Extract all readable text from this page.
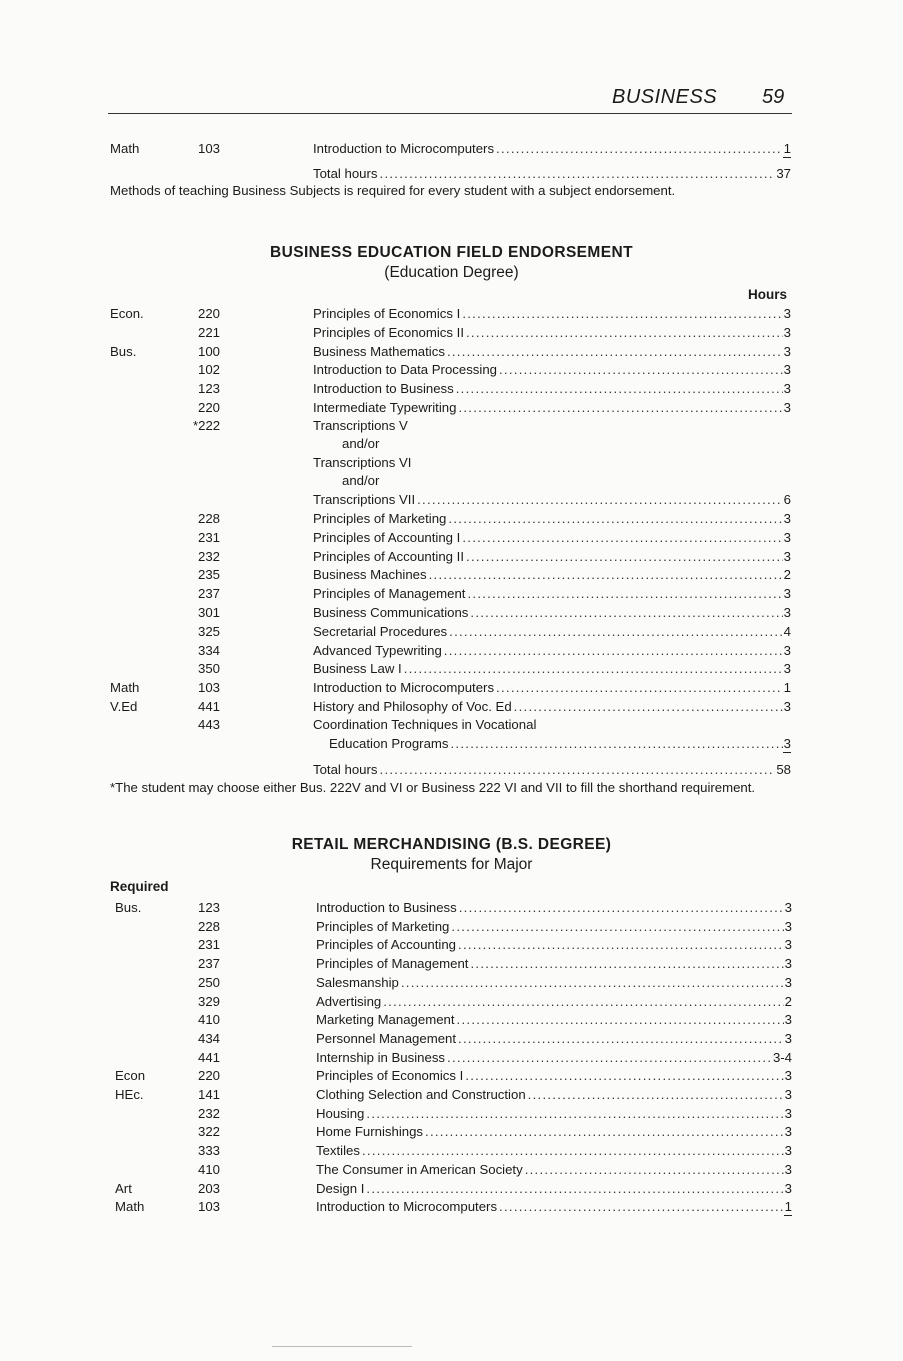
BUSINESS 59
Math	103	Introduction to Microcomputers . . .	1
Total hours . . .	37
Methods of teaching Business Subjects is required for every student with a subject endorsement.
BUSINESS EDUCATION FIELD ENDORSEMENT
(Education Degree)
Hours
Econ.	220	Principles of Economics I . . .	3
221	Principles of Economics II . . .	3
Bus.	100	Business Mathematics . . .	3
102	Introduction to Data Processing . . .	3
123	Introduction to Business . . .	3
220	Intermediate Typewriting . . .	3
*222	Transcriptions V
and/or
Transcriptions VI
and/or
Transcriptions VII . . .	6
228	Principles of Marketing . . .	3
231	Principles of Accounting I . . .	3
232	Principles of Accounting II . . .	3
235	Business Machines . . .	2
237	Principles of Management . . .	3
301	Business Communications . . .	3
325	Secretarial Procedures . . .	4
334	Advanced Typewriting . . .	3
350	Business Law I . . .	3
Math	103	Introduction to Microcomputers . . .	1
V.Ed	441	History and Philosophy of Voc. Ed . . .	3
443	Coordination Techniques in Vocational
Education Programs . . .	3
Total hours . . .	58
*The student may choose either Bus. 222V and VI or Business 222 VI and VII to fill the shorthand requirement.
RETAIL MERCHANDISING (B.S. DEGREE)
Requirements for Major
Required
Bus.	123	Introduction to Business . . .	3
228	Principles of Marketing . . .	3
231	Principles of Accounting . . .	3
237	Principles of Management . . .	3
250	Salesmanship . . .	3
329	Advertising . . .	2
410	Marketing Management . . .	3
434	Personnel Management . . .	3
441	Internship in Business . . .	3-4
Econ	220	Principles of Economics I . . .	3
HEc.	141	Clothing Selection and Construction . . .	3
232	Housing . . .	3
322	Home Furnishings . . .	3
333	Textiles . . .	3
410	The Consumer in American Society . . .	3
Art	203	Design I . . .	3
Math	103	Introduction to Microcomputers . . .	1
